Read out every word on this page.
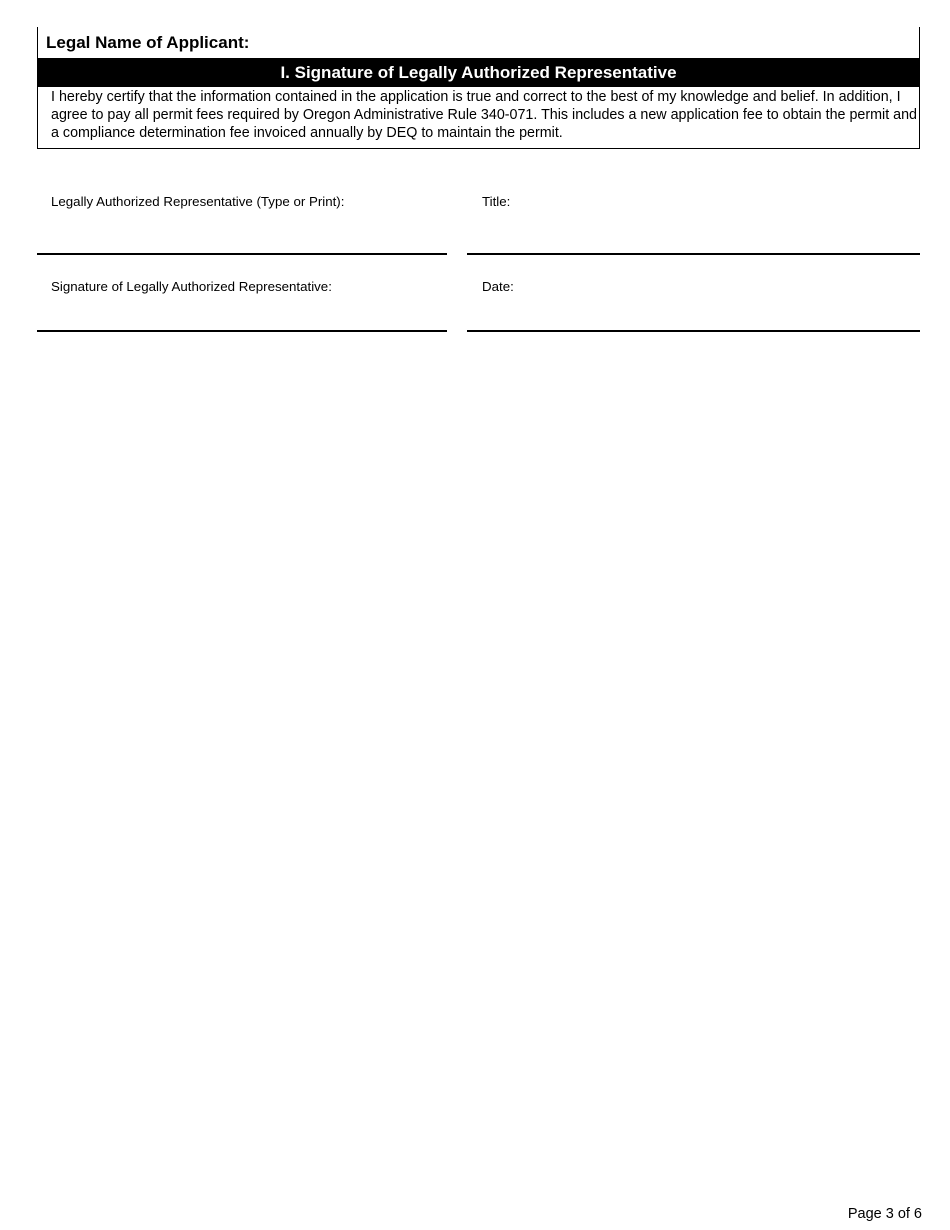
Legal Name of Applicant:
I. Signature of Legally Authorized Representative

I hereby certify that the information contained in the application is true and correct to the best of my knowledge and belief. In addition, I agree to pay all permit fees required by Oregon Administrative Rule 340-071. This includes a new application fee to obtain the permit and a compliance determination fee invoiced annually by DEQ to maintain the permit.

Legally Authorized Representative (Type or Print):	Title:
Signature of Legally Authorized Representative:	Date:
Page 3 of 6
